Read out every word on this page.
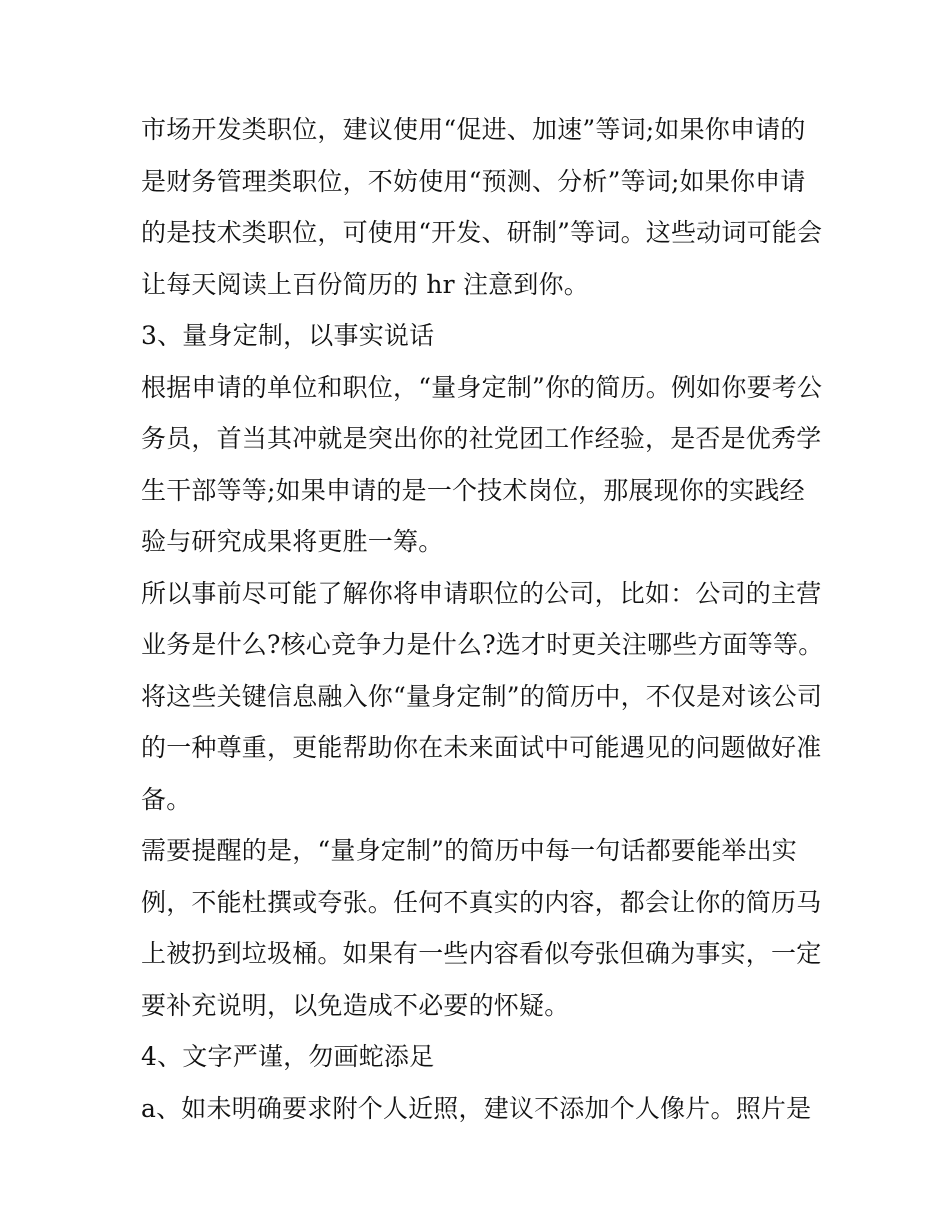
市场开发类职位，建议使用“促进、加速”等词;如果你申请的
是财务管理类职位，不妨使用“预测、分析”等词;如果你申请
的是技术类职位，可使用“开发、研制”等词。这些动词可能会
让每天阅读上百份简历的 hr 注意到你。
3、量身定制，以事实说话
根据申请的单位和职位，“量身定制”你的简历。例如你要考公
务员，首当其冲就是突出你的社党团工作经验，是否是优秀学
生干部等等;如果申请的是一个技术岗位，那展现你的实践经
验与研究成果将更胜一筹。
所以事前尽可能了解你将申请职位的公司，比如：公司的主营
业务是什么?核心竞争力是什么?选才时更关注哪些方面等等。
将这些关键信息融入你“量身定制”的简历中，不仅是对该公司
的一种尊重，更能帮助你在未来面试中可能遇见的问题做好准
备。
需要提醒的是，“量身定制”的简历中每一句话都要能举出实
例，不能杜撰或夸张。任何不真实的内容，都会让你的简历马
上被扔到垃圾桶。如果有一些内容看似夸张但确为事实，一定
要补充说明，以免造成不必要的怀疑。
4、文字严谨，勿画蛇添足
a、如未明确要求附个人近照，建议不添加个人像片。照片是
